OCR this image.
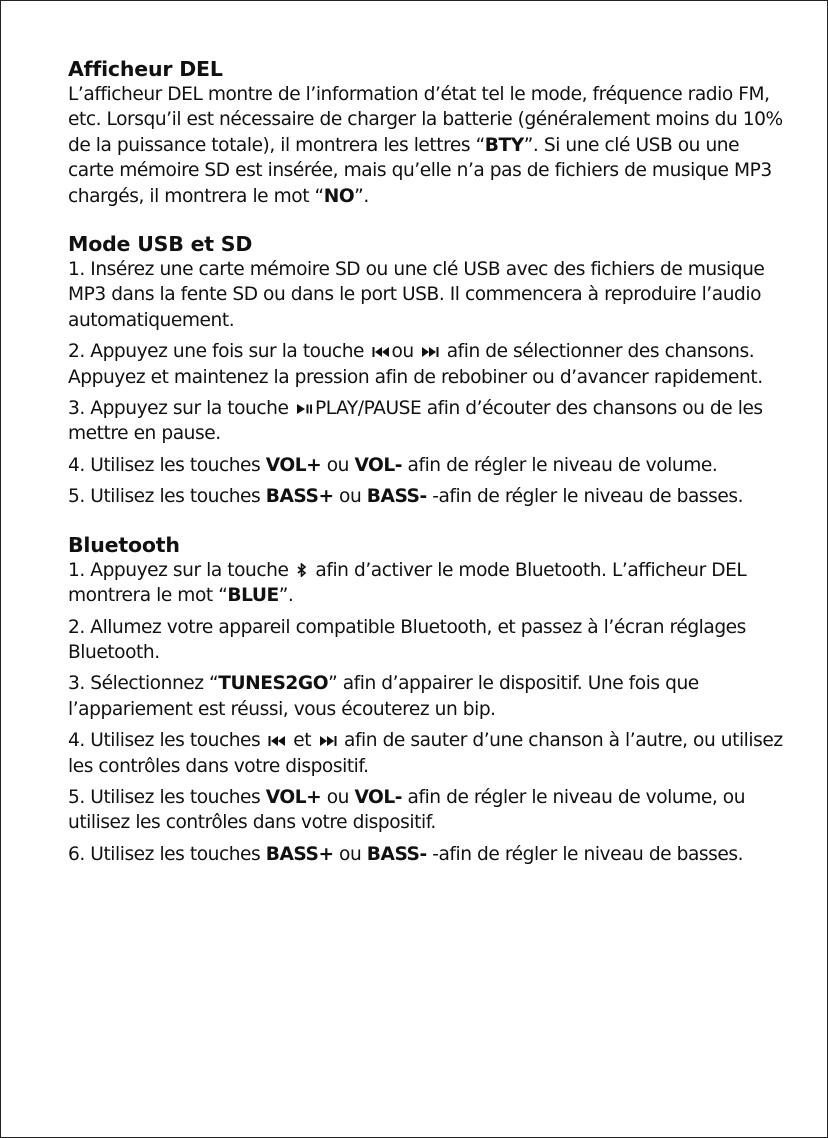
Afficheur DEL

L’afficheur DEL montre de l’information d’état tel le mode, fréquence radio FM, etc. Lorsqu’il est nécessaire de charger la batterie (généralement moins du 10% de la puissance totale), il montrera les lettres “BTY”. Si une clé USB ou une carte mémoire SD est insérée, mais qu’elle n’a pas de fichiers de musique MP3 chargés, il montrera le mot “NO”.

Mode USB et SD

1. Insérez une carte mémoire SD ou une clé USB avec des fichiers de musique MP3 dans la fente SD ou dans le port USB. Il commencera à reproduire l’audio automatiquement.

2. Appuyez une fois sur la touche ou afin de sélectionner des chansons. Appuyez et maintenez la pression afin de rebobiner ou d’avancer rapidement.

3. Appuyez sur la touche PLAY/PAUSE afin d’écouter des chansons ou de les mettre en pause.

4. Utilisez les touches VOL+ ou VOL- afin de régler le niveau de volume.

5. Utilisez les touches BASS+ ou BASS- -afin de régler le niveau de basses.

Bluetooth

1. Appuyez sur la touche afin d’activer le mode Bluetooth. L’afficheur DEL montrera le mot “BLUE”.

2. Allumez votre appareil compatible Bluetooth, et passez à l’écran réglages Bluetooth.

3. Sélectionnez “TUNES2GO” afin d’appairer le dispositif. Une fois que l’appariement est réussi, vous écouterez un bip.

4. Utilisez les touches et afin de sauter d’une chanson à l’autre, ou utilisez les contrôles dans votre dispositif.

5. Utilisez les touches VOL+ ou VOL- afin de régler le niveau de volume, ou utilisez les contrôles dans votre dispositif.

6. Utilisez les touches BASS+ ou BASS- -afin de régler le niveau de basses.
